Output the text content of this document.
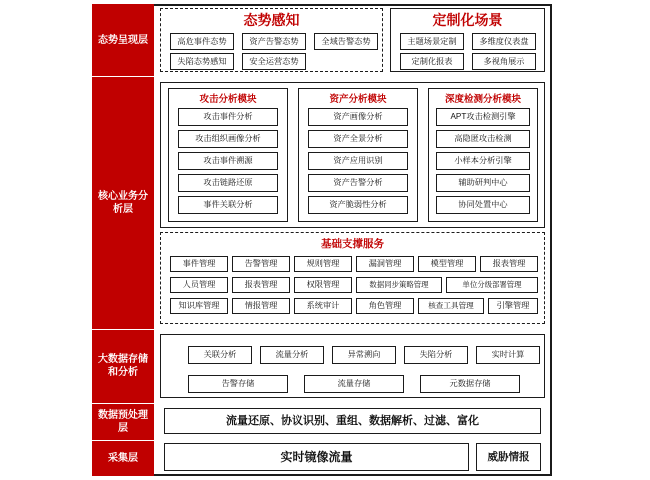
态势呈现层
核心业务分析层
大数据存储和分析
数据预处理层
采集层
态势感知
高危事件态势	资产告警态势	全域告警态势
失陷态势感知	安全运营态势
定制化场景
主题场景定制	多维度仪表盘
定制化报表	多视角展示
攻击分析模块
攻击事件分析
攻击组织画像分析
攻击事件溯源
攻击链路还原
事件关联分析
资产分析模块
资产画像分析
资产全景分析
资产应用识别
资产告警分析
资产脆弱性分析
深度检测分析模块
APT攻击检测引擎
高隐匿攻击检测
小样本分析引擎
辅助研判中心
协同处置中心
基础支撑服务
事件管理	告警管理	规则管理	漏洞管理	模型管理	报表管理
人员管理	报表管理	权限管理	数据同步策略管理	单位分级部署管理
知识库管理	情报管理	系统审计	角色管理	核查工具管理	引擎管理
关联分析	流量分析	异常溯向	失陷分析	实时计算
告警存储	流量存储	元数据存储
流量还原、协议识别、重组、数据解析、过滤、富化
实时镜像流量	威胁情报
